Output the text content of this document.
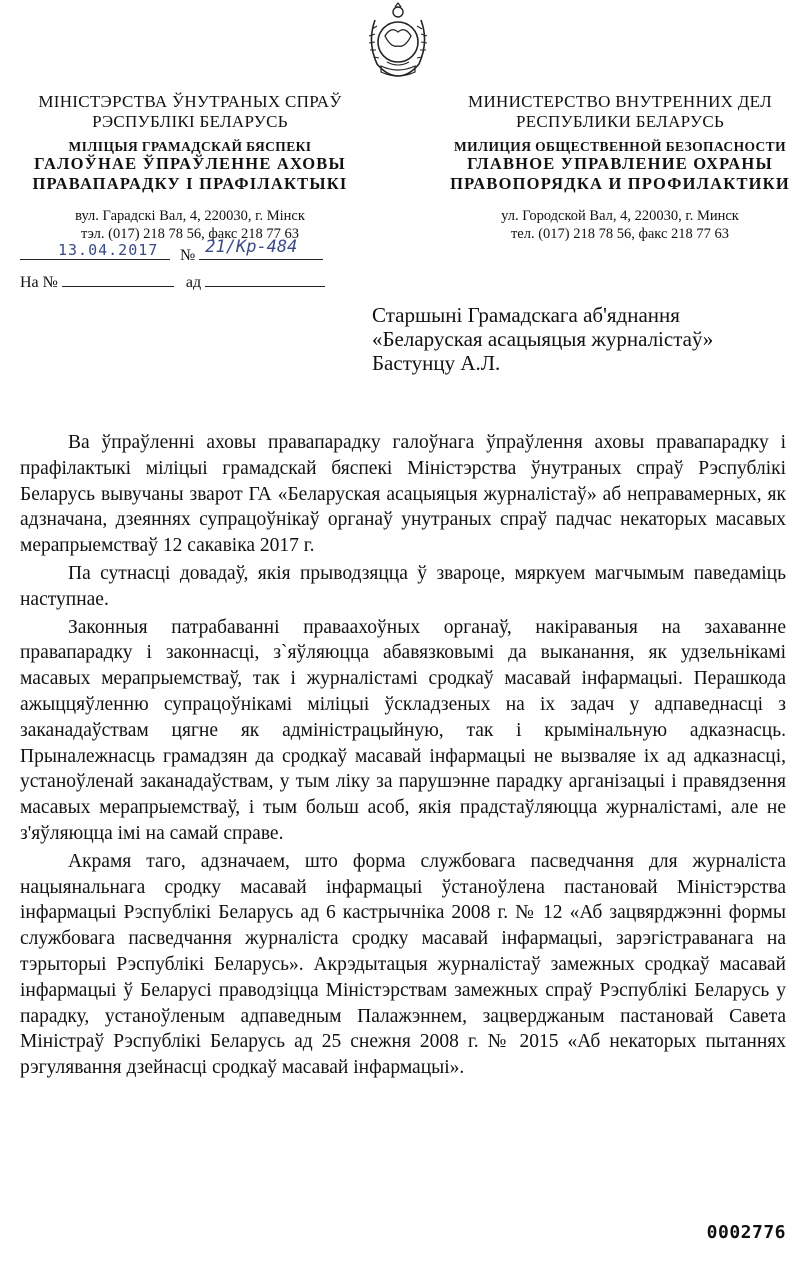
МІНІСТЭРСТВА ЎНУТРАНЫХ СПРАЎ
РЭСПУБЛІКІ БЕЛАРУСЬ
МІЛІЦЫЯ ГРАМАДСКАЙ БЯСПЕКІ
ГАЛОЎНАЕ ЎПРАЎЛЕННЕ АХОВЫ
ПРАВАПАРАДКУ І ПРАФІЛАКТЫКІ
вул. Гарадскі Вал, 4, 220030, г. Мінск
тэл. (017) 218 78 56, факс 218 77 63
МИНИСТЕРСТВО ВНУТРЕННИХ ДЕЛ
РЕСПУБЛИКИ БЕЛАРУСЬ
МИЛИЦИЯ ОБЩЕСТВЕННОЙ БЕЗОПАСНОСТИ
ГЛАВНОЕ УПРАВЛЕНИЕ ОХРАНЫ
ПРАВОПОРЯДКА И ПРОФИЛАКТИКИ
ул. Городской Вал, 4, 220030, г. Минск
тел. (017) 218 78 56, факс 218 77 63
13.04.2017 № 21/Кр-484
На №	ад
Старшыні Грамадскага аб'яднання
«Беларуская асацыяцыя журналістаў»
Бастунцу А.Л.

Ва ўпраўленні аховы правапарадку галоўнага ўпраўлення аховы правапарадку і прафілактыкі міліцыі грамадскай бяспекі Міністэрства ўнутраных спраў Рэспублікі Беларусь вывучаны зварот ГА «Беларуская асацыяцыя журналістаў» аб неправамерных, як адзначана, дзеяннях супрацоўнікаў органаў унутраных спраў падчас некаторых масавых мерапрыемстваў 12 сакавіка 2017 г.

Па сутнасці довадаў, якія прыводзяцца ў звароце, мяркуем магчымым паведаміць наступнае.

Законныя патрабаванні праваахоўных органаў, накіраваныя на захаванне правапарадку і законнасці, з`яўляюцца абавязковымі да выканання, як удзельнікамі масавых мерапрыемстваў, так і журналістамі сродкаў масавай інфармацыі. Перашкода ажыццяўленню супрацоўнікамі міліцыі ўскладзеных на іх задач у адпаведнасці з заканадаўствам цягне як адміністрацыйную, так і крымінальную адказнасць. Прыналежнасць грамадзян да сродкаў масавай інфармацыі не вызваляе іх ад адказнасці, устаноўленай заканадаўствам, у тым ліку за парушэнне парадку арганізацыі і правядзення масавых мерапрыемстваў, і тым больш асоб, якія прадстаўляюцца журналістамі, але не з'яўляюцца імі на самай справе.

Акрамя таго, адзначаем, што форма службовага пасведчання для журналіста нацыянальнага сродку масавай інфармацыі ўстаноўлена пастановай Міністэрства інфармацыі Рэспублікі Беларусь ад 6 кастрычніка 2008 г. № 12 «Аб зацвярджэнні формы службовага пасведчання журналіста сродку масавай інфармацыі, зарэгістраванага на тэрыторыі Рэспублікі Беларусь». Акрэдытацыя журналістаў замежных сродкаў масавай інфармацыі ў Беларусі праводзіцца Міністэрствам замежных спраў Рэспублікі Беларусь у парадку, устаноўленым адпаведным Палажэннем, зацверджаным пастановай Савета Міністраў Рэспублікі Беларусь ад 25 снежня 2008 г. № 2015 «Аб некаторых пытаннях рэгулявання дзейнасці сродкаў масавай інфармацыі».

0002776
